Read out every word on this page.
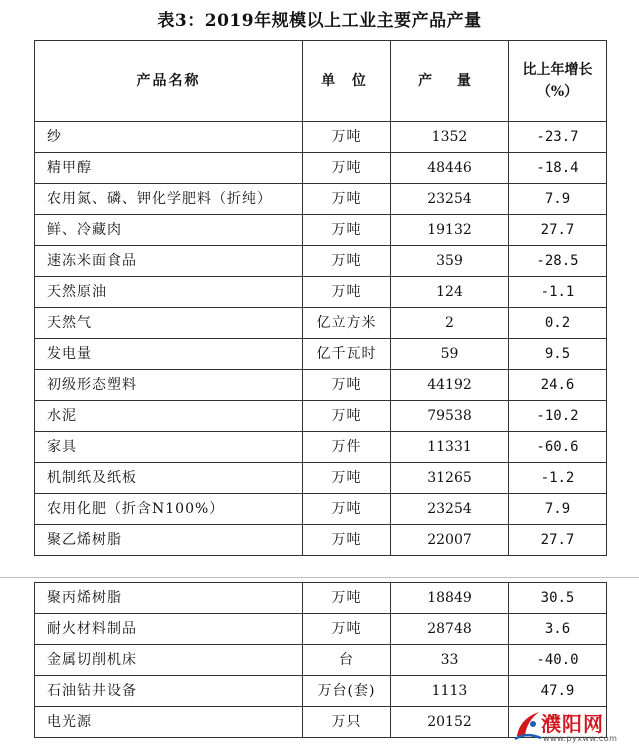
表3：2019年规模以上工业主要产品产量
产品名称	单 位	产 量	比上年增长（%）
纱	万吨	1352	-23.7
精甲醇	万吨	48446	-18.4
农用氮、磷、钾化学肥料（折纯）	万吨	23254	7.9
鲜、冷藏肉	万吨	19132	27.7
速冻米面食品	万吨	359	-28.5
天然原油	万吨	124	-1.1
天然气	亿立方米	2	0.2
发电量	亿千瓦时	59	9.5
初级形态塑料	万吨	44192	24.6
水泥	万吨	79538	-10.2
家具	万件	11331	-60.6
机制纸及纸板	万吨	31265	-1.2
农用化肥（折含N100%）	万吨	23254	7.9
聚乙烯树脂	万吨	22007	27.7
聚丙烯树脂	万吨	18849	30.5
耐火材料制品	万吨	28748	3.6
金属切削机床	台	33	-40.0
石油钻井设备	万台(套)	1113	47.9
电光源	万只	20152		濮阳网
www.pyxww.com
